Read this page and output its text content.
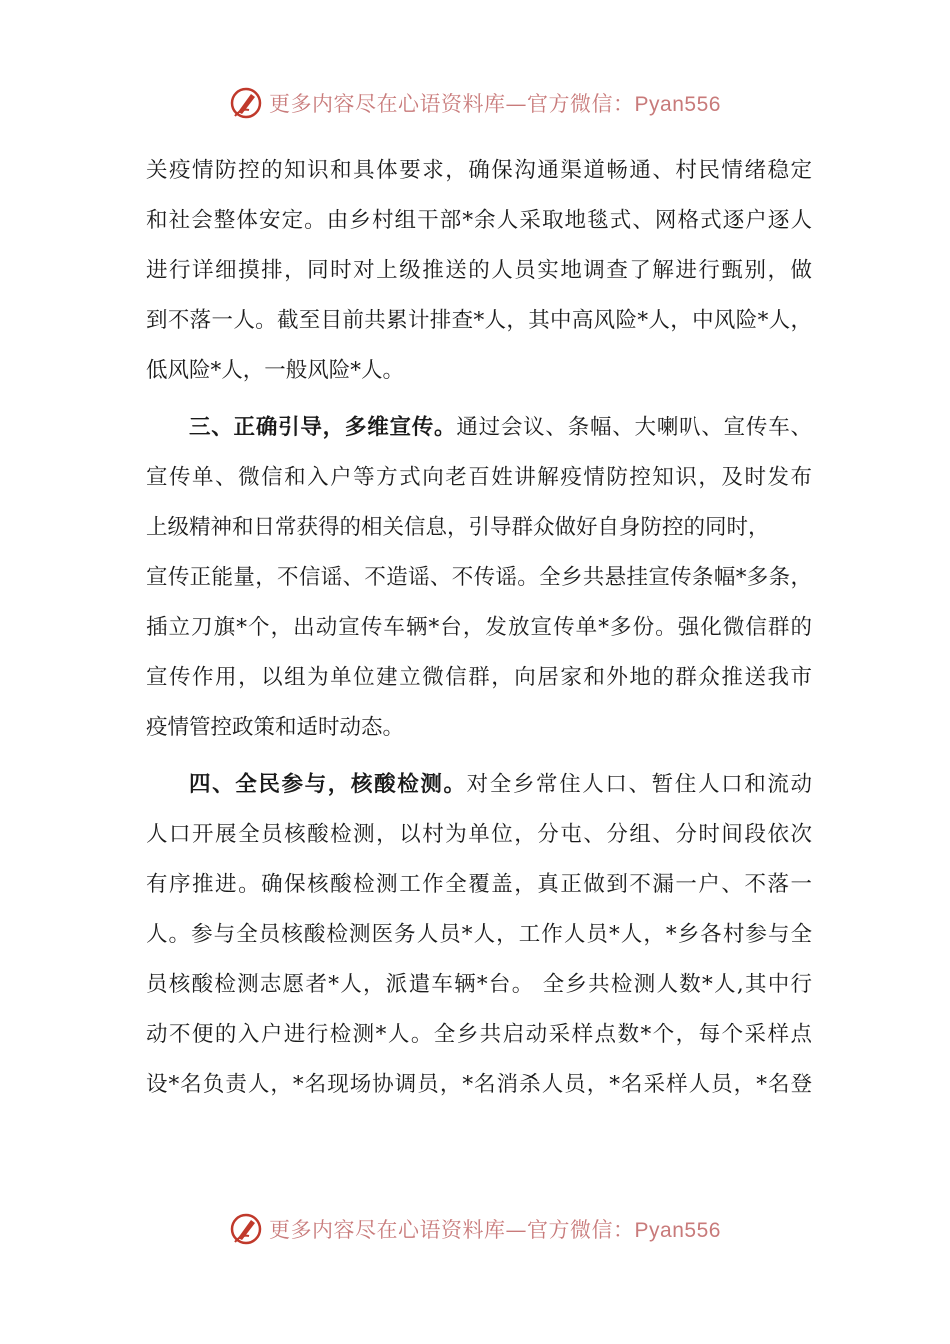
更多内容尽在心语资料库—官方微信：Pyan556
关疫情防控的知识和具体要求，确保沟通渠道畅通、村民情绪稳定
和社会整体安定。由乡村组干部*余人采取地毯式、网格式逐户逐人
进行详细摸排，同时对上级推送的人员实地调查了解进行甄别，做
到不落一人。截至目前共累计排查*人，其中高风险*人，中风险*人，
低风险*人，一般风险*人。
三、正确引导，多维宣传。通过会议、条幅、大喇叭、宣传车、
宣传单、微信和入户等方式向老百姓讲解疫情防控知识，及时发布
上级精神和日常获得的相关信息，引导群众做好自身防控的同时，
宣传正能量，不信谣、不造谣、不传谣。全乡共悬挂宣传条幅*多条，
插立刀旗*个，出动宣传车辆*台，发放宣传单*多份。强化微信群的
宣传作用，以组为单位建立微信群，向居家和外地的群众推送我市
疫情管控政策和适时动态。
四、全民参与，核酸检测。对全乡常住人口、暂住人口和流动
人口开展全员核酸检测，以村为单位，分屯、分组、分时间段依次
有序推进。确保核酸检测工作全覆盖，真正做到不漏一户、不落一
人。参与全员核酸检测医务人员*人，工作人员*人，*乡各村参与全
员核酸检测志愿者*人，派遣车辆*台。 全乡共检测人数*人,其中行
动不便的入户进行检测*人。全乡共启动采样点数*个，每个采样点
设*名负责人，*名现场协调员，*名消杀人员，*名采样人员，*名登
更多内容尽在心语资料库—官方微信：Pyan556
